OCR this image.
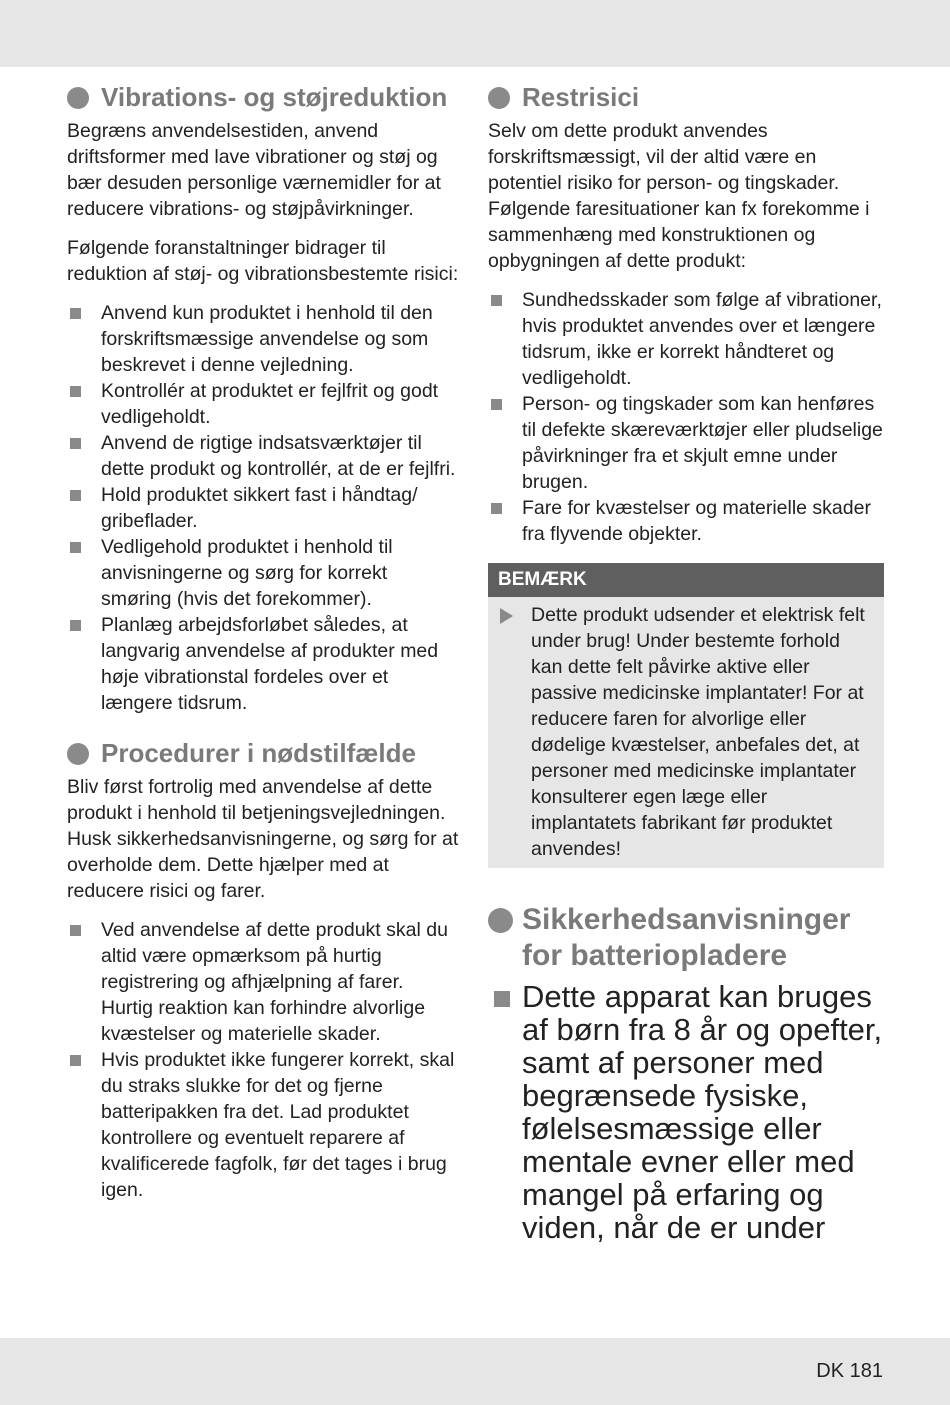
Vibrations- og støjreduktion

Begræns anvendelsestiden, anvend driftsformer med lave vibrationer og støj og bær desuden personlige værnemidler for at reducere vibrations- og støjpåvirkninger.

Følgende foranstaltninger bidrager til reduktion af støj- og vibrationsbestemte risici:

Anvend kun produktet i henhold til den forskriftsmæssige anvendelse og som beskrevet i denne vejledning.
Kontrollér at produktet er fejlfrit og godt vedligeholdt.
Anvend de rigtige indsatsværktøjer til dette produkt og kontrollér, at de er fejlfri.
Hold produktet sikkert fast i håndtag/ gribeflader.
Vedligehold produktet i henhold til anvisningerne og sørg for korrekt smøring (hvis det forekommer).
Planlæg arbejdsforløbet således, at langvarig anvendelse af produkter med høje vibrationstal fordeles over et længere tidsrum.
Procedurer i nødstilfælde

Bliv først fortrolig med anvendelse af dette produkt i henhold til betjeningsvejledningen. Husk sikkerhedsanvisningerne, og sørg for at overholde dem. Dette hjælper med at reducere risici og farer.

Ved anvendelse af dette produkt skal du altid være opmærksom på hurtig registrering og afhjælpning af farer. Hurtig reaktion kan forhindre alvorlige kvæstelser og materielle skader.
Hvis produktet ikke fungerer korrekt, skal du straks slukke for det og fjerne batteripakken fra det. Lad produktet kontrollere og eventuelt reparere af kvalificerede fagfolk, før det tages i brug igen.
Restrisici

Selv om dette produkt anvendes forskriftsmæssigt, vil der altid være en potentiel risiko for person- og tingskader. Følgende faresituationer kan fx forekomme i sammenhæng med konstruktionen og opbygningen af dette produkt:

Sundhedsskader som følge af vibrationer, hvis produktet anvendes over et længere tidsrum, ikke er korrekt håndteret og vedligeholdt.
Person- og tingskader som kan henføres til defekte skæreværktøjer eller pludselige påvirkninger fra et skjult emne under brugen.
Fare for kvæstelser og materielle skader fra flyvende objekter.
BEMÆRK
Dette produkt udsender et elektrisk felt under brug! Under bestemte forhold kan dette felt påvirke aktive eller passive medicinske implantater! For at reducere faren for alvorlige eller dødelige kvæstelser, anbefales det, at personer med medicinske implantater konsulterer egen læge eller implantatets fabrikant før produktet anvendes!
Sikkerhedsanvisninger
for batteriopladere
Dette apparat kan bruges af børn fra 8 år og opefter, samt af personer med begrænsede fysiske, følelsesmæssige eller mentale evner eller med mangel på erfaring og viden, når de er under
DK 181
